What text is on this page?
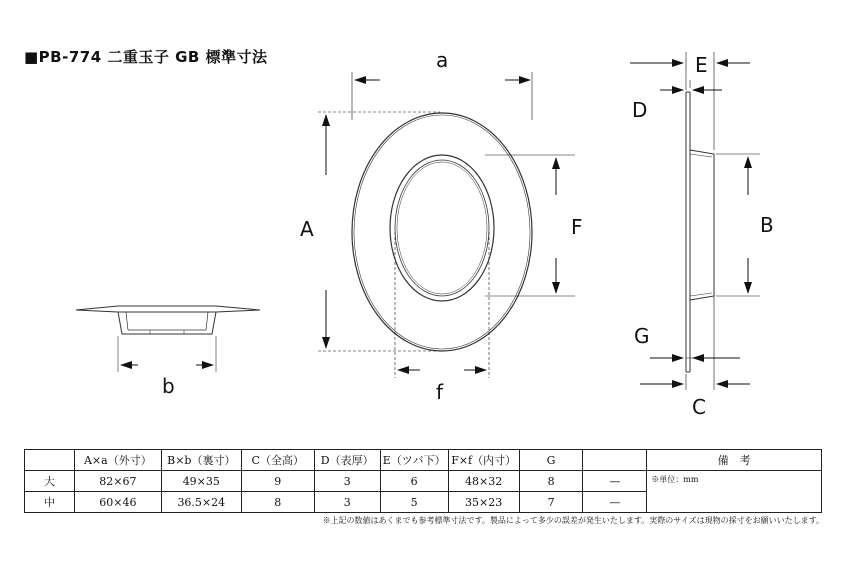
■PB-774 二重玉子 GB 標準寸法	a
A	F
f
b
E
D
B
G
C
	A×a（外寸）	B×b（裏寸）	C（全高）	D（表厚）	E（ツバ下）	F×f（内寸）	G		備　考
大	82×67	49×35	9	3	6	48×32	8	—	※単位：mm
中	60×46	36.5×24	8	3	5	35×23	7	—	
※上記の数値はあくまでも参考標準寸法です。製品によって多少の誤差が発生いたします。実際のサイズは現物の採寸をお願いいたします。
